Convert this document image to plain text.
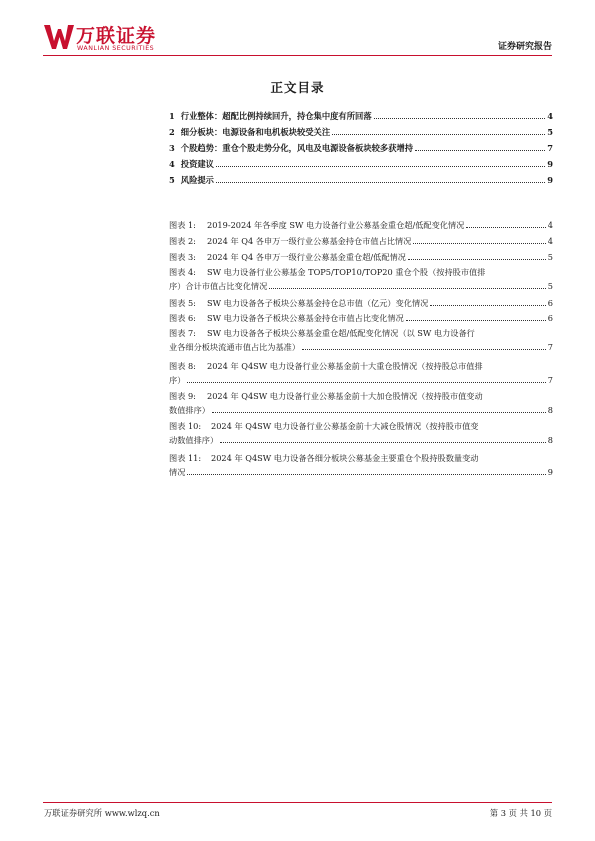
万联证券
WANLIAN SECURITIES	证券研究报告
正文目录
1 行业整体：超配比例持续回升，持仓集中度有所回落	4
2 细分板块：电源设备和电机板块较受关注	5
3 个股趋势：重仓个股走势分化，风电及电源设备板块较多获增持	7
4 投资建议	9
5 风险提示	9
图表 1:	2019-2024 年各季度 SW 电力设备行业公募基金重仓超/低配变化情况	4
图表 2:	2024 年 Q4 各申万一级行业公募基金持仓市值占比情况	4
图表 3:	2024 年 Q4 各申万一级行业公募基金重仓超/低配情况	5
图表 4:	SW 电力设备行业公募基金 TOP5/TOP10/TOP20 重仓个股（按持股市值排
序）合计市值占比变化情况	5
图表 5:	SW 电力设备各子板块公募基金持仓总市值（亿元）变化情况	6
图表 6:	SW 电力设备各子板块公募基金持仓市值占比变化情况	6
图表 7:	SW 电力设备各子板块公募基金重仓超/低配变化情况（以 SW 电力设备行
业各细分板块流通市值占比为基准）	7
图表 8:	2024 年 Q4SW 电力设备行业公募基金前十大重仓股情况（按持股总市值排
序）	7
图表 9:	2024 年 Q4SW 电力设备行业公募基金前十大加仓股情况（按持股市值变动
数值排序）	8
图表 10:	2024 年 Q4SW 电力设备行业公募基金前十大减仓股情况（按持股市值变
动数值排序）	8
图表 11:	2024 年 Q4SW 电力设备各细分板块公募基金主要重仓个股持股数量变动
情况	9
万联证券研究所 www.wlzq.cn	第 3 页 共 10 页
